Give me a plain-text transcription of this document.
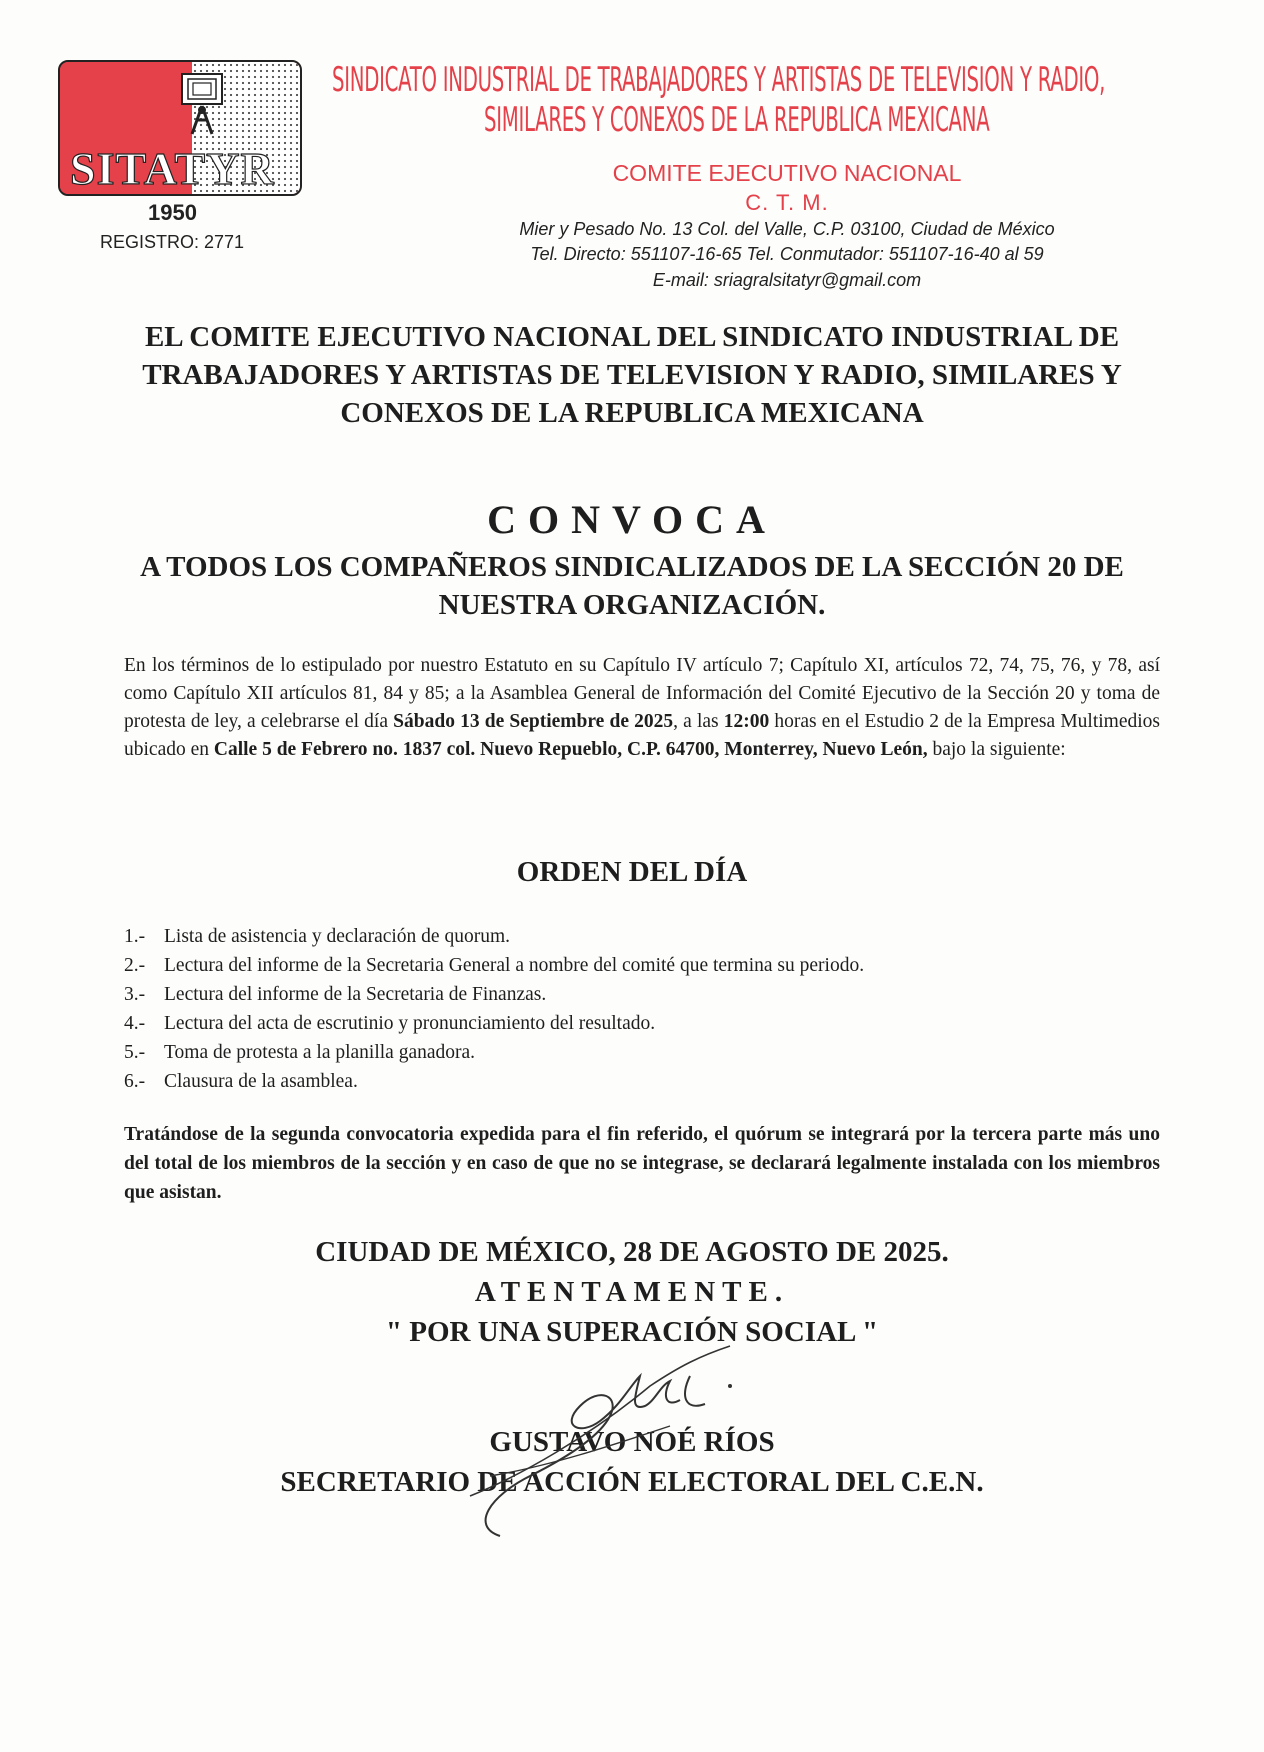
SITATYR
1950
REGISTRO: 2771
SINDICATO INDUSTRIAL DE TRABAJADORES Y ARTISTAS DE TELEVISION Y RADIO,
SIMILARES Y CONEXOS DE LA REPUBLICA MEXICANA
COMITE EJECUTIVO NACIONAL
C. T. M.
Mier y Pesado No. 13 Col. del Valle, C.P. 03100, Ciudad de México
Tel. Directo: 551107-16-65 Tel. Conmutador: 551107-16-40 al 59
E-mail: sriagralsitatyr@gmail.com
EL COMITE EJECUTIVO NACIONAL DEL SINDICATO INDUSTRIAL DE TRABAJADORES Y ARTISTAS DE TELEVISION Y RADIO, SIMILARES Y CONEXOS DE LA REPUBLICA MEXICANA
CONVOCA
A TODOS LOS COMPAÑEROS SINDICALIZADOS DE LA SECCIÓN 20 DE NUESTRA ORGANIZACIÓN.
En los términos de lo estipulado por nuestro Estatuto en su Capítulo IV artículo 7; Capítulo XI, artículos 72, 74, 75, 76, y 78, así como Capítulo XII artículos 81, 84 y 85; a la Asamblea General de Información del Comité Ejecutivo de la Sección 20 y toma de protesta de ley, a celebrarse el día Sábado 13 de Septiembre de 2025, a las 12:00 horas en el Estudio 2 de la Empresa Multimedios ubicado en Calle 5 de Febrero no. 1837 col. Nuevo Repueblo, C.P. 64700, Monterrey, Nuevo León, bajo la siguiente:
ORDEN DEL DÍA
1.- Lista de asistencia y declaración de quorum.
2.- Lectura del informe de la Secretaria General a nombre del comité que termina su periodo.
3.- Lectura del informe de la Secretaria de Finanzas.
4.- Lectura del acta de escrutinio y pronunciamiento del resultado.
5.- Toma de protesta a la planilla ganadora.
6.- Clausura de la asamblea.
Tratándose de la segunda convocatoria expedida para el fin referido, el quórum se integrará por la tercera parte más uno del total de los miembros de la sección y en caso de que no se integrase, se declarará legalmente instalada con los miembros que asistan.
CIUDAD DE MÉXICO, 28 DE AGOSTO DE 2025.
ATENTAMENTE.
" POR UNA SUPERACIÓN SOCIAL "
GUSTAVO NOÉ RÍOS
SECRETARIO DE ACCIÓN ELECTORAL DEL C.E.N.
